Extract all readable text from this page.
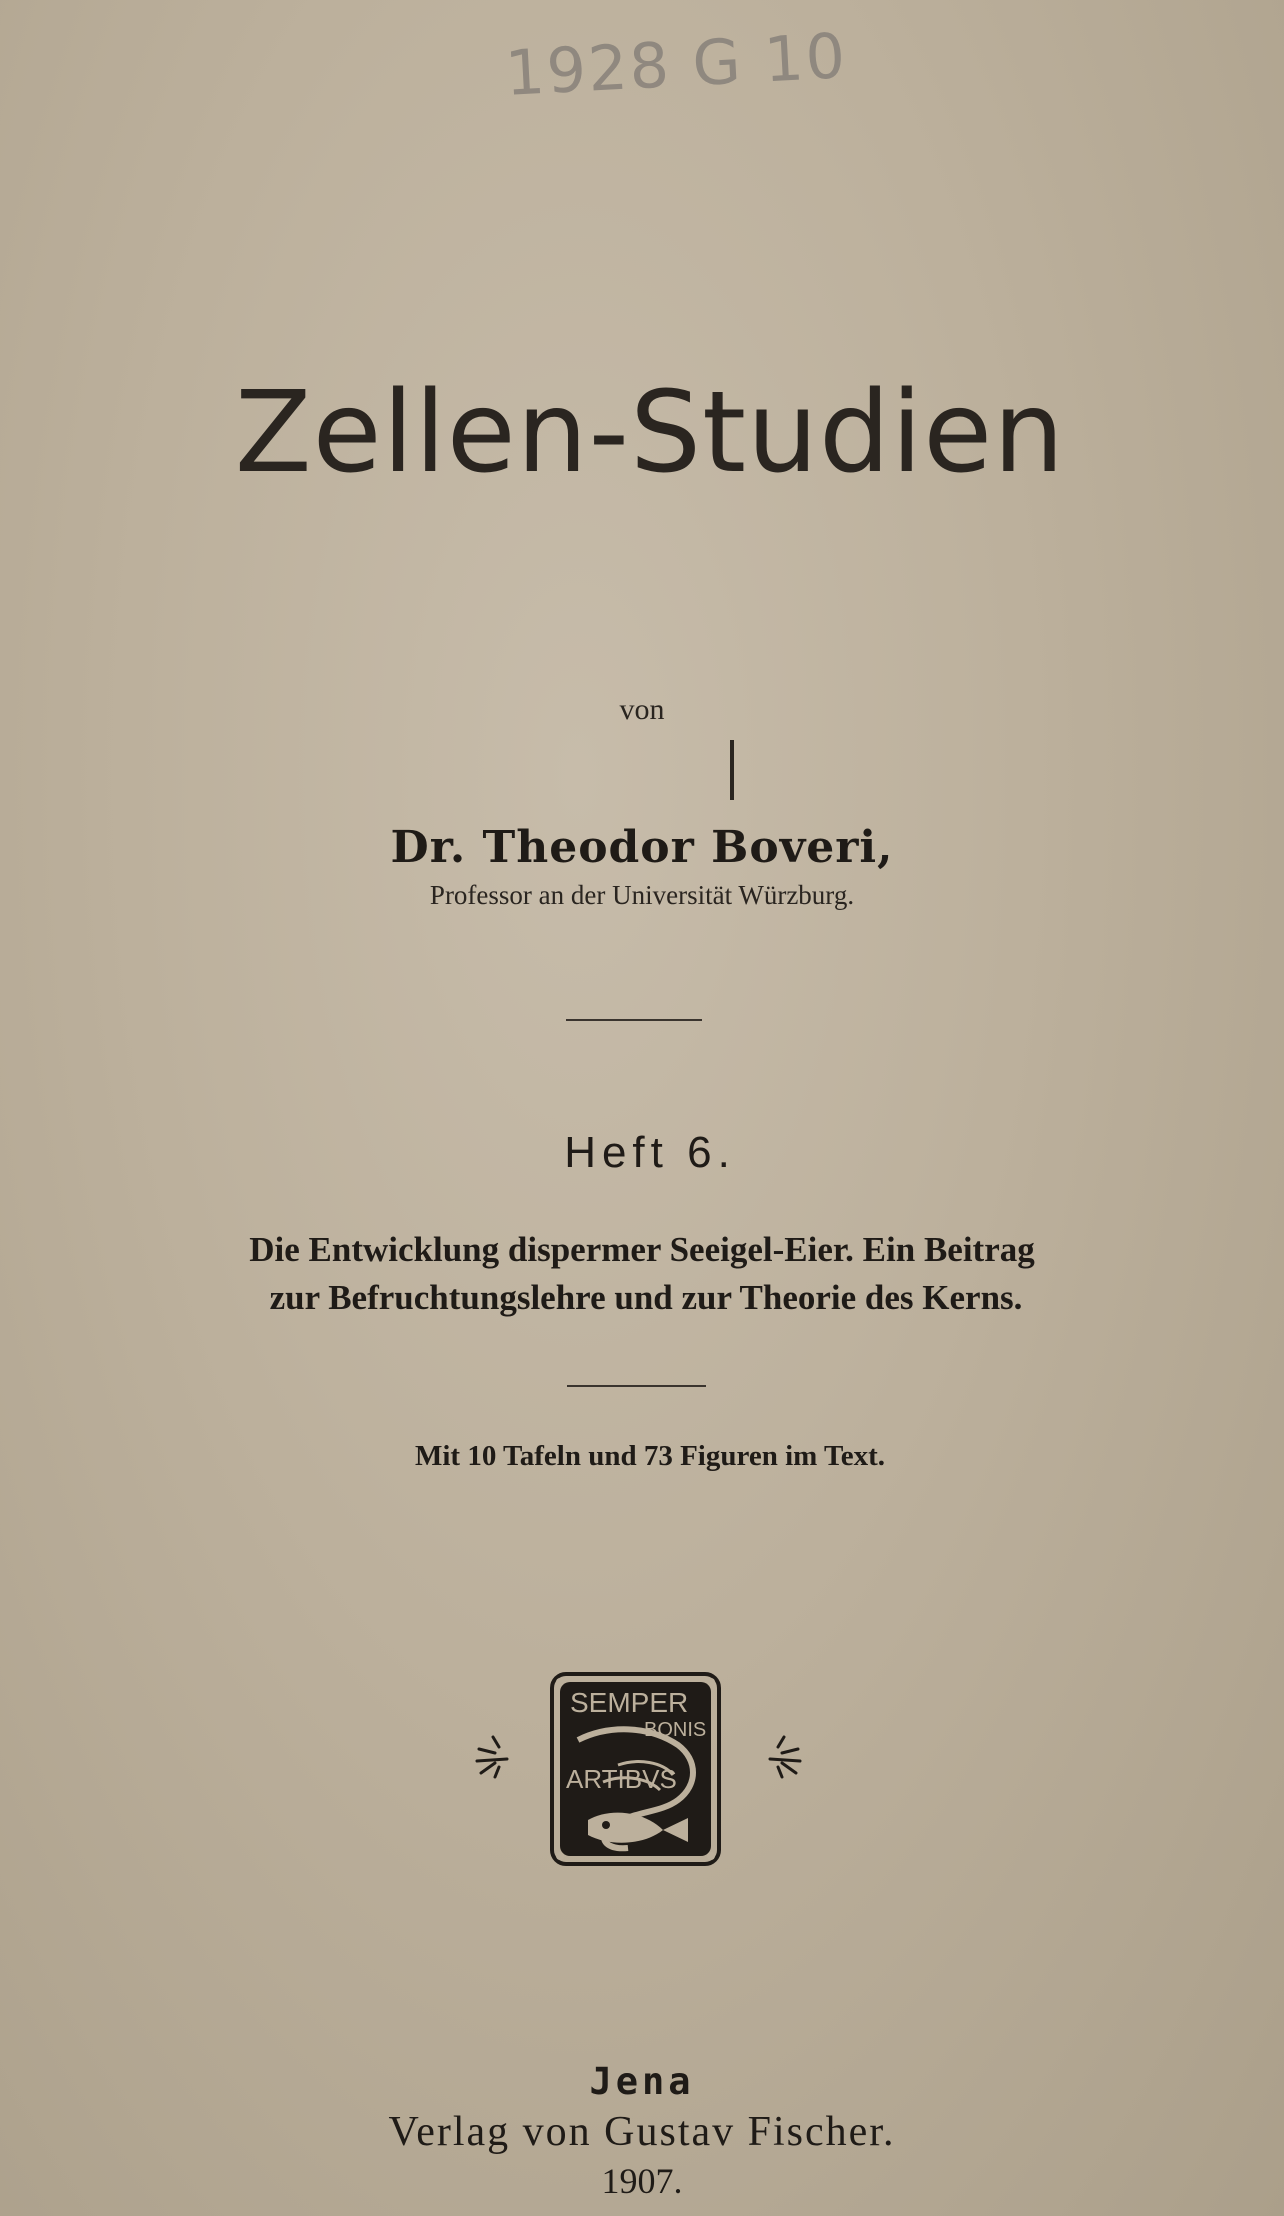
1928 G 10
Zellen-Studien
von
Dr. Theodor Boveri,
Professor an der Universität Würzburg.
Heft 6.
Die Entwicklung dispermer Seeigel-Eier. Ein Beitrag
zur Befruchtungslehre und zur Theorie des Kerns.
Mit 10 Tafeln und 73 Figuren im Text.
SEMPER
BONIS
ARTIBVS
Jena
Verlag von Gustav Fischer.
1907.
